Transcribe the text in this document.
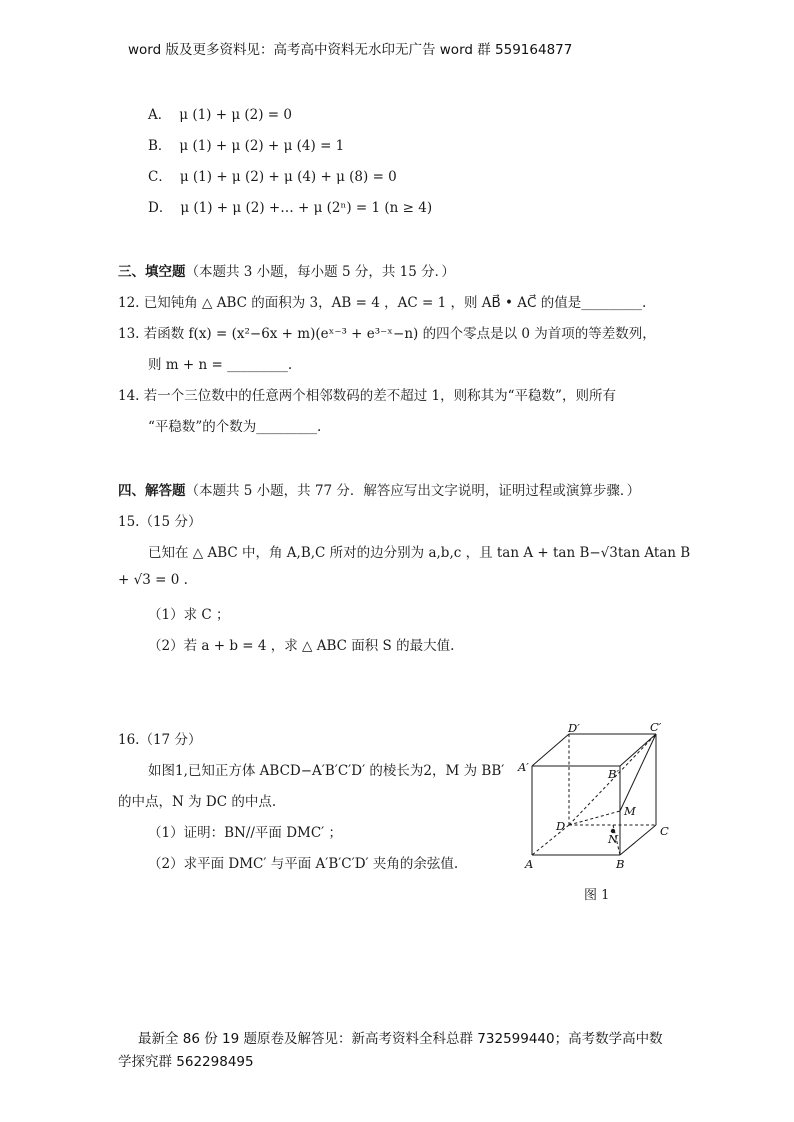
word 版及更多资料见：高考高中资料无水印无广告 word 群 559164877
A． μ (1) + μ (2) = 0
B． μ (1) + μ (2) + μ (4) = 1
C． μ (1) + μ (2) + μ (4) + μ (8) = 0
D． μ (1) + μ (2) +… + μ (2ⁿ) = 1 (n ≥ 4)
三、填空题（本题共 3 小题，每小题 5 分，共 15 分．）
12. 已知钝角 △ ABC 的面积为 3，AB = 4 ，AC = 1 ，则 AB⃗ • AC⃗ 的值是_________.
13. 若函数 f(x) = (x²−6x + m)(eˣ⁻³ + e³⁻ˣ−n) 的四个零点是以 0 为首项的等差数列，
则 m + n = _________.
14. 若一个三位数中的任意两个相邻数码的差不超过 1，则称其为“平稳数”，则所有
“平稳数”的个数为_________.
四、解答题（本题共 5 小题，共 77 分．解答应写出文字说明，证明过程或演算步骤．）
15.（15 分）
已知在 △ ABC 中，角 A,B,C 所对的边分别为 a,b,c ，且 tan A + tan B−√3tan Atan B
+ √3 = 0 .
（1）求 C ；
（2）若 a + b = 4 ，求 △ ABC 面积 S 的最大值.
16.（17 分）
如图1,已知正方体 ABCD−A′B′C′D′ 的棱长为2，M 为 BB′
的中点，N 为 DC 的中点.
（1）证明：BN//平面 DMC′ ；
（2）求平面 DMC′ 与平面 A′B′C′D′ 夹角的余弦值.
D′	C′
A′	B′
M
D	C
N
A	B
图 1
最新全 86 份 19 题原卷及解答见：新高考资料全科总群 732599440；高考数学高中数
学探究群 562298495
